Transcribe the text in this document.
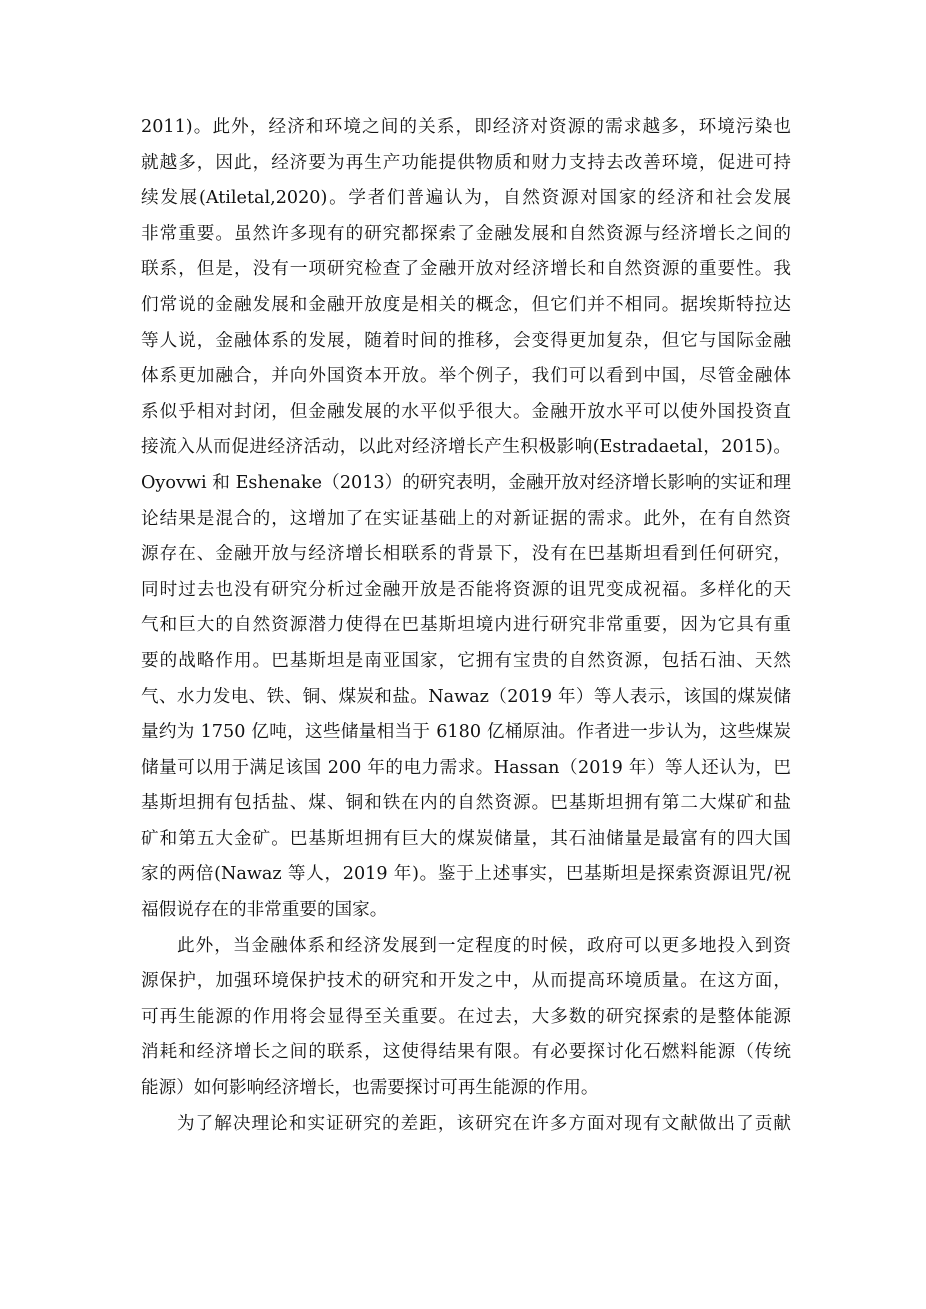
2011)。此外，经济和环境之间的关系，即经济对资源的需求越多，环境污染也
就越多，因此，经济要为再生产功能提供物质和财力支持去改善环境，促进可持
续发展(Atiletal,2020)。学者们普遍认为，自然资源对国家的经济和社会发展
非常重要。虽然许多现有的研究都探索了金融发展和自然资源与经济增长之间的
联系，但是，没有一项研究检查了金融开放对经济增长和自然资源的重要性。我
们常说的金融发展和金融开放度是相关的概念，但它们并不相同。据埃斯特拉达
等人说，金融体系的发展，随着时间的推移，会变得更加复杂，但它与国际金融
体系更加融合，并向外国资本开放。举个例子，我们可以看到中国，尽管金融体
系似乎相对封闭，但金融发展的水平似乎很大。金融开放水平可以使外国投资直
接流入从而促进经济活动，以此对经济增长产生积极影响(Estradaetal，2015)。
Oyovwi 和 Eshenake（2013）的研究表明，金融开放对经济增长影响的实证和理
论结果是混合的，这增加了在实证基础上的对新证据的需求。此外，在有自然资
源存在、金融开放与经济增长相联系的背景下，没有在巴基斯坦看到任何研究，
同时过去也没有研究分析过金融开放是否能将资源的诅咒变成祝福。多样化的天
气和巨大的自然资源潜力使得在巴基斯坦境内进行研究非常重要，因为它具有重
要的战略作用。巴基斯坦是南亚国家，它拥有宝贵的自然资源，包括石油、天然
气、水力发电、铁、铜、煤炭和盐。Nawaz（2019 年）等人表示，该国的煤炭储
量约为 1750 亿吨，这些储量相当于 6180 亿桶原油。作者进一步认为，这些煤炭
储量可以用于满足该国 200 年的电力需求。Hassan（2019 年）等人还认为，巴
基斯坦拥有包括盐、煤、铜和铁在内的自然资源。巴基斯坦拥有第二大煤矿和盐
矿和第五大金矿。巴基斯坦拥有巨大的煤炭储量，其石油储量是最富有的四大国
家的两倍(Nawaz 等人，2019 年)。鉴于上述事实，巴基斯坦是探索资源诅咒/祝
福假说存在的非常重要的国家。
此外，当金融体系和经济发展到一定程度的时候，政府可以更多地投入到资
源保护，加强环境保护技术的研究和开发之中，从而提高环境质量。在这方面，
可再生能源的作用将会显得至关重要。在过去，大多数的研究探索的是整体能源
消耗和经济增长之间的联系，这使得结果有限。有必要探讨化石燃料能源（传统
能源）如何影响经济增长，也需要探讨可再生能源的作用。
为了解决理论和实证研究的差距，该研究在许多方面对现有文献做出了贡献
